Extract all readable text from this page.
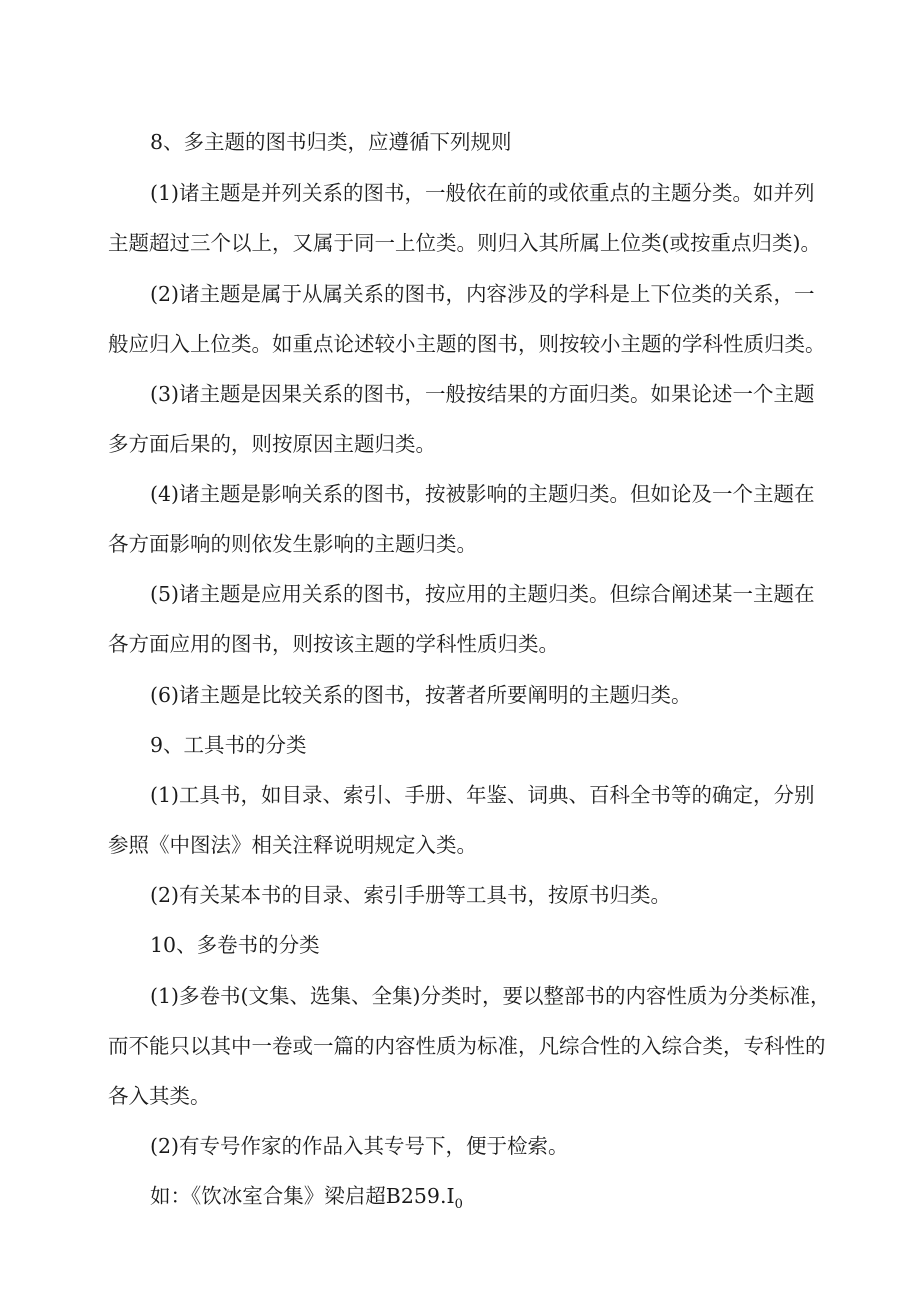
8、多主题的图书归类，应遵循下列规则
(1)诸主题是并列关系的图书，一般依在前的或依重点的主题分类。如并列
主题超过三个以上，又属于同一上位类。则归入其所属上位类(或按重点归类)。
(2)诸主题是属于从属关系的图书，内容涉及的学科是上下位类的关系，一
般应归入上位类。如重点论述较小主题的图书，则按较小主题的学科性质归类。
(3)诸主题是因果关系的图书，一般按结果的方面归类。如果论述一个主题
多方面后果的，则按原因主题归类。
(4)诸主题是影响关系的图书，按被影响的主题归类。但如论及一个主题在
各方面影响的则依发生影响的主题归类。
(5)诸主题是应用关系的图书，按应用的主题归类。但综合阐述某一主题在
各方面应用的图书，则按该主题的学科性质归类。
(6)诸主题是比较关系的图书，按著者所要阐明的主题归类。
9、工具书的分类
(1)工具书，如目录、索引、手册、年鉴、词典、百科全书等的确定，分别
参照《中图法》相关注释说明规定入类。
(2)有关某本书的目录、索引手册等工具书，按原书归类。
10、多卷书的分类
(1)多卷书(文集、选集、全集)分类时，要以整部书的内容性质为分类标准，
而不能只以其中一卷或一篇的内容性质为标准，凡综合性的入综合类，专科性的
各入其类。
(2)有专号作家的作品入其专号下，便于检索。
如：《饮冰室合集》梁启超$B259.I_0$
